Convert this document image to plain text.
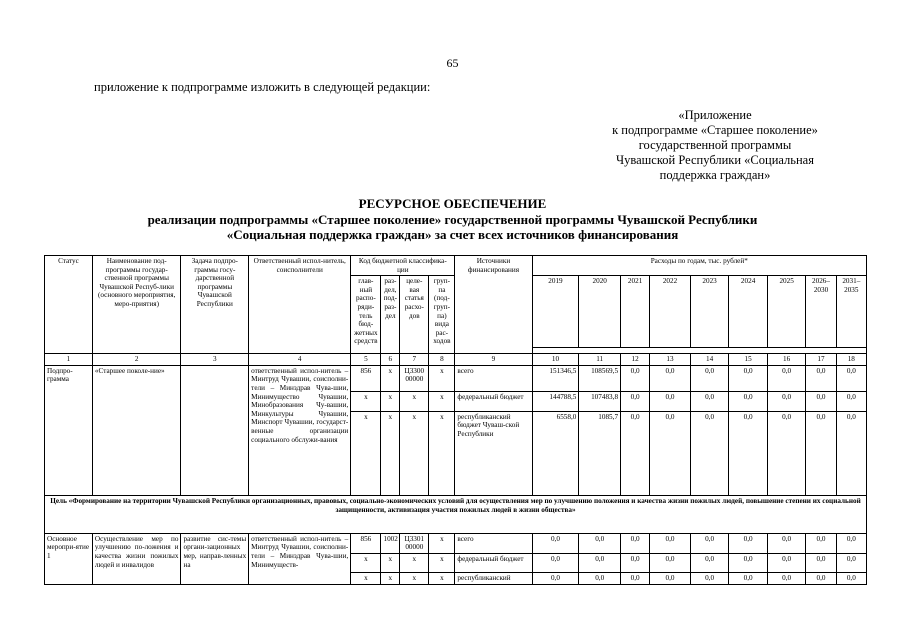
65
приложение к подпрограмме изложить в следующей редакции:
«Приложение
к подпрограмме «Старшее поколение»
государственной программы
Чувашской Республики «Социальная
поддержка граждан»
РЕСУРСНОЕ ОБЕСПЕЧЕНИЕ
реализации подпрограммы «Старшее поколение» государственной программы Чувашской Республики
«Социальная поддержка граждан» за счет всех источников финансирования
Статус	Наименование под-программы государ-ственной программы Чувашской Респуб-лики (основного мероприятия, меро-приятия)	Задача подпро-граммы госу-дарственной программы Чувашской Республики	Ответственный испол-нитель, соисполнители	Код бюджетной классифика-ции				Источники финансирования	Расходы по годам, тыс. рублей*								
				глав-ный распо-ряди-тель бюд-жетных средств	раз-дел, под-раз-дел	целе-вая статья расхо-дов	груп-па (под-груп-па) вида рас-ходов		2019	2020	2021	2022	2023	2024	2025	2026–2030	2031–2035

1	2	3	4	5	6	7	8	9	10	11	12	13	14	15	16	17	18
Подпро-грамма	«Старшее поколе-ние»		ответственный испол-нитель – Минтруд Чувашии, соисполни-тели – Минздрав Чува-шии, Минимущество Чувашии, Минобразования Чу-вашии, Минкультуры Чувашии, Минспорт Чувашии, государст-венные организации социального обслужи-вания	856	х	Ц3300 00000	х	всего	151346,5	108569,5	0,0	0,0	0,0	0,0	0,0	0,0	0,0
				х	х	х	х	федеральный бюджет	144788,5	107483,8	0,0	0,0	0,0	0,0	0,0	0,0	0,0
				х	х	х	х	республиканский бюджет Чуваш-ской Республики	6558,0	1085,7	0,0	0,0	0,0	0,0	0,0	0,0	0,0
Цель «Формирование на территории Чувашской Республики организационных, правовых, социально-экономических условий для осуществления мер по улучшению положения и качества жизни пожилых людей, повышение степени их социальной защищенности, активизация участия пожилых людей в жизни общества»																	
Основное меропри-ятие 1	Осуществление мер по улучшению по-ложения и качества жизни пожилых людей и инвалидов	развитие сис-темы органи-зационных мер, направ-ленных на	ответственный испол-нитель – Минтруд Чувашии, соисполни-тели – Минздрав Чува-шии, Минимуществ-	856	1002	Ц3301 00000	х	всего	0,0	0,0	0,0	0,0	0,0	0,0	0,0	0,0	0,0
				х	х	х	х	федеральный бюджет	0,0	0,0	0,0	0,0	0,0	0,0	0,0	0,0	0,0
				х	х	х	х	республиканский	0,0	0,0	0,0	0,0	0,0	0,0	0,0	0,0	0,0
